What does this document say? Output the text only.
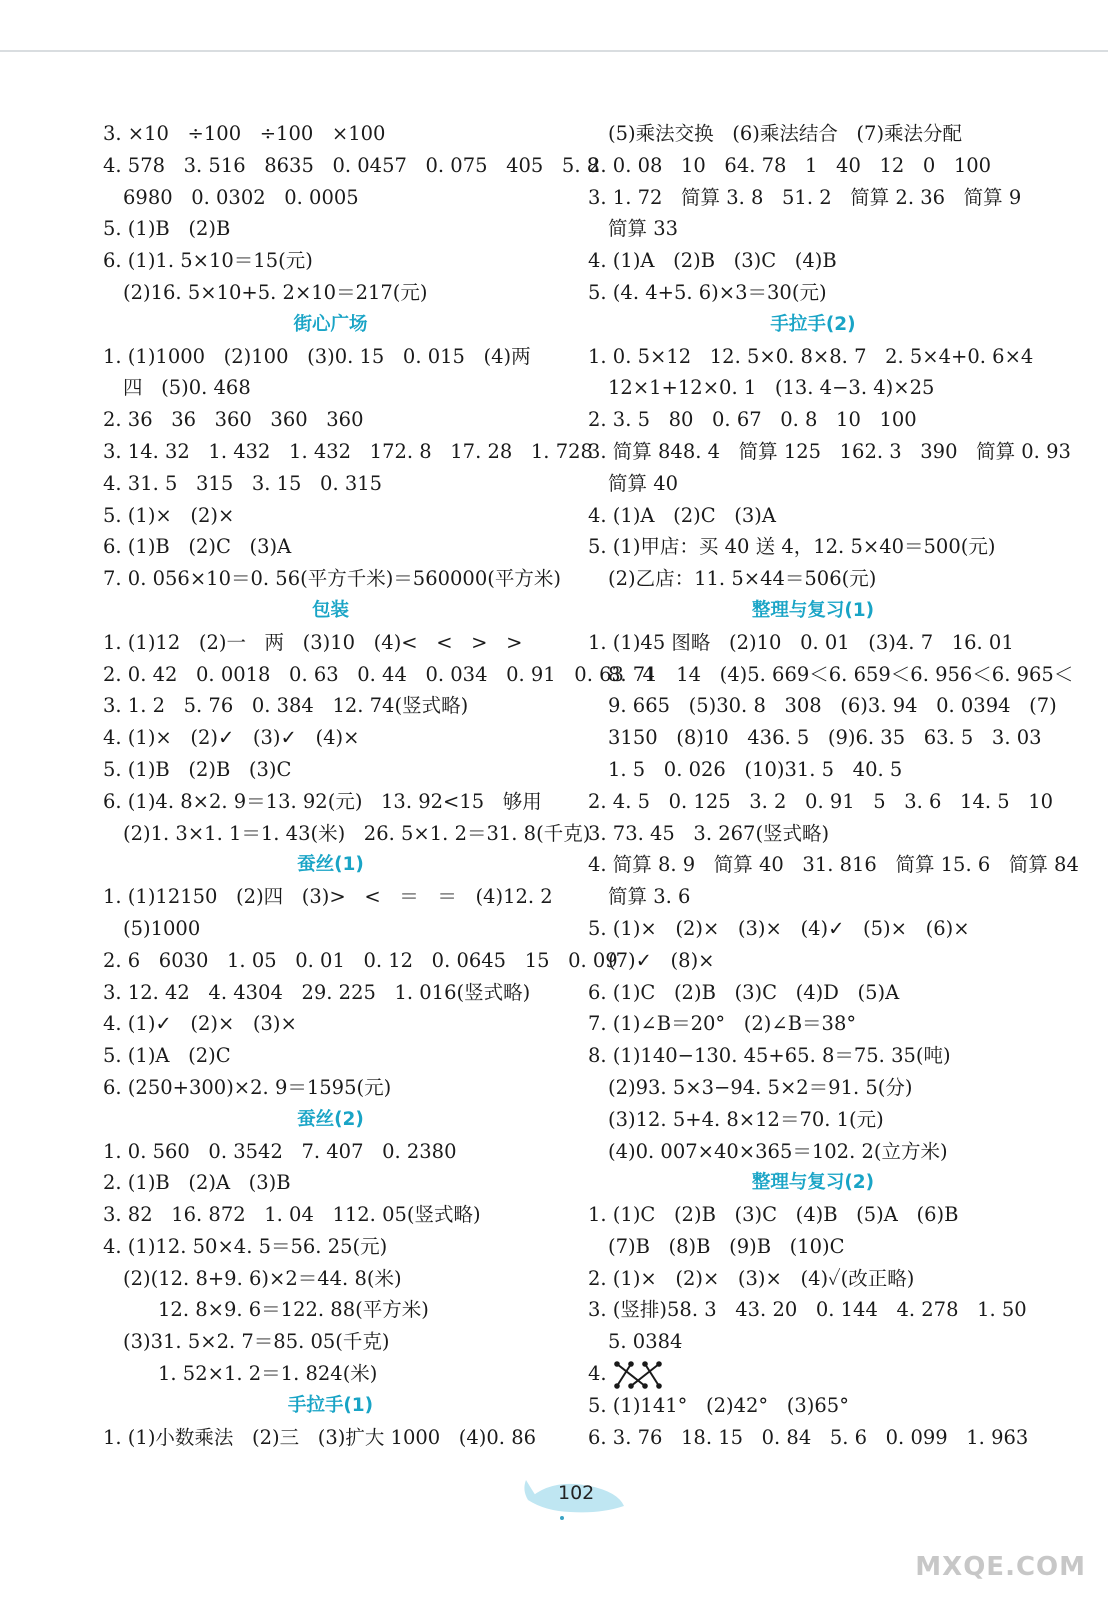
3. ×10   ÷100   ÷100   ×100
4. 578   3. 516   8635   0. 0457   0. 075   405   5. 8
6980   0. 0302   0. 0005
5. (1)B   (2)B
6. (1)1. 5×10＝15(元)
(2)16. 5×10+5. 2×10＝217(元)
街心广场
1. (1)1000   (2)100   (3)0. 15   0. 015   (4)两
四   (5)0. 468
2. 36   36   360   360   360
3. 14. 32   1. 432   1. 432   172. 8   17. 28   1. 728
4. 31. 5   315   3. 15   0. 315
5. (1)×   (2)×
6. (1)B   (2)C   (3)A
7. 0. 056×10＝0. 56(平方千米)＝560000(平方米)
包装
1. (1)12   (2)一   两   (3)10   (4)<   <   >   >
2. 0. 42   0. 0018   0. 63   0. 44   0. 034   0. 91   0. 63   4
3. 1. 2   5. 76   0. 384   12. 74(竖式略)
4. (1)×   (2)✓   (3)✓   (4)×
5. (1)B   (2)B   (3)C
6. (1)4. 8×2. 9＝13. 92(元)   13. 92<15   够用
(2)1. 3×1. 1＝1. 43(米)   26. 5×1. 2＝31. 8(千克)
蚕丝(1)
1. (1)12150   (2)四   (3)>   <   ＝   ＝   (4)12. 2
(5)1000
2. 6   6030   1. 05   0. 01   0. 12   0. 0645   15   0. 09
3. 12. 42   4. 4304   29. 225   1. 016(竖式略)
4. (1)✓   (2)×   (3)×
5. (1)A   (2)C
6. (250+300)×2. 9＝1595(元)
蚕丝(2)
1. 0. 560   0. 3542   7. 407   0. 2380
2. (1)B   (2)A   (3)B
3. 82   16. 872   1. 04   112. 05(竖式略)
4. (1)12. 50×4. 5＝56. 25(元)
(2)(12. 8+9. 6)×2＝44. 8(米)
12. 8×9. 6＝122. 88(平方米)
(3)31. 5×2. 7＝85. 05(千克)
1. 52×1. 2＝1. 824(米)
手拉手(1)
1. (1)小数乘法   (2)三   (3)扩大 1000   (4)0. 86
(5)乘法交换   (6)乘法结合   (7)乘法分配
2. 0. 08   10   64. 78   1   40   12   0   100
3. 1. 72   简算 3. 8   51. 2   简算 2. 36   简算 9
简算 33
4. (1)A   (2)B   (3)C   (4)B
5. (4. 4+5. 6)×3＝30(元)
手拉手(2)
1. 0. 5×12   12. 5×0. 8×8. 7   2. 5×4+0. 6×4
12×1+12×0. 1   (13. 4−3. 4)×25
2. 3. 5   80   0. 67   0. 8   10   100
3. 简算 848. 4   简算 125   162. 3   390   简算 0. 93
简算 40
4. (1)A   (2)C   (3)A
5. (1)甲店：买 40 送 4，12. 5×40＝500(元)
(2)乙店：11. 5×44＝506(元)
整理与复习(1)
1. (1)45 图略   (2)10   0. 01   (3)4. 7   16. 01
8. 71   14   (4)5. 669＜6. 659＜6. 956＜6. 965＜
9. 665   (5)30. 8   308   (6)3. 94   0. 0394   (7)
3150   (8)10   436. 5   (9)6. 35   63. 5   3. 03
1. 5   0. 026   (10)31. 5   40. 5
2. 4. 5   0. 125   3. 2   0. 91   5   3. 6   14. 5   10
3. 73. 45   3. 267(竖式略)
4. 简算 8. 9   简算 40   31. 816   简算 15. 6   简算 84
简算 3. 6
5. (1)×   (2)×   (3)×   (4)✓   (5)×   (6)×
(7)✓   (8)×
6. (1)C   (2)B   (3)C   (4)D   (5)A
7. (1)∠B＝20°   (2)∠B＝38°
8. (1)140−130. 45+65. 8＝75. 35(吨)
(2)93. 5×3−94. 5×2＝91. 5(分)
(3)12. 5+4. 8×12＝70. 1(元)
(4)0. 007×40×365＝102. 2(立方米)
整理与复习(2)
1. (1)C   (2)B   (3)C   (4)B   (5)A   (6)B
(7)B   (8)B   (9)B   (10)C
2. (1)×   (2)×   (3)×   (4)✓(改正略)
3. (竖排)58. 3   43. 20   0. 144   4. 278   1. 50
5. 0384
4.
5. (1)141°   (2)42°   (3)65°
6. 3. 76   18. 15   0. 84   5. 6   0. 099   1. 963
102
MXQE.COM
